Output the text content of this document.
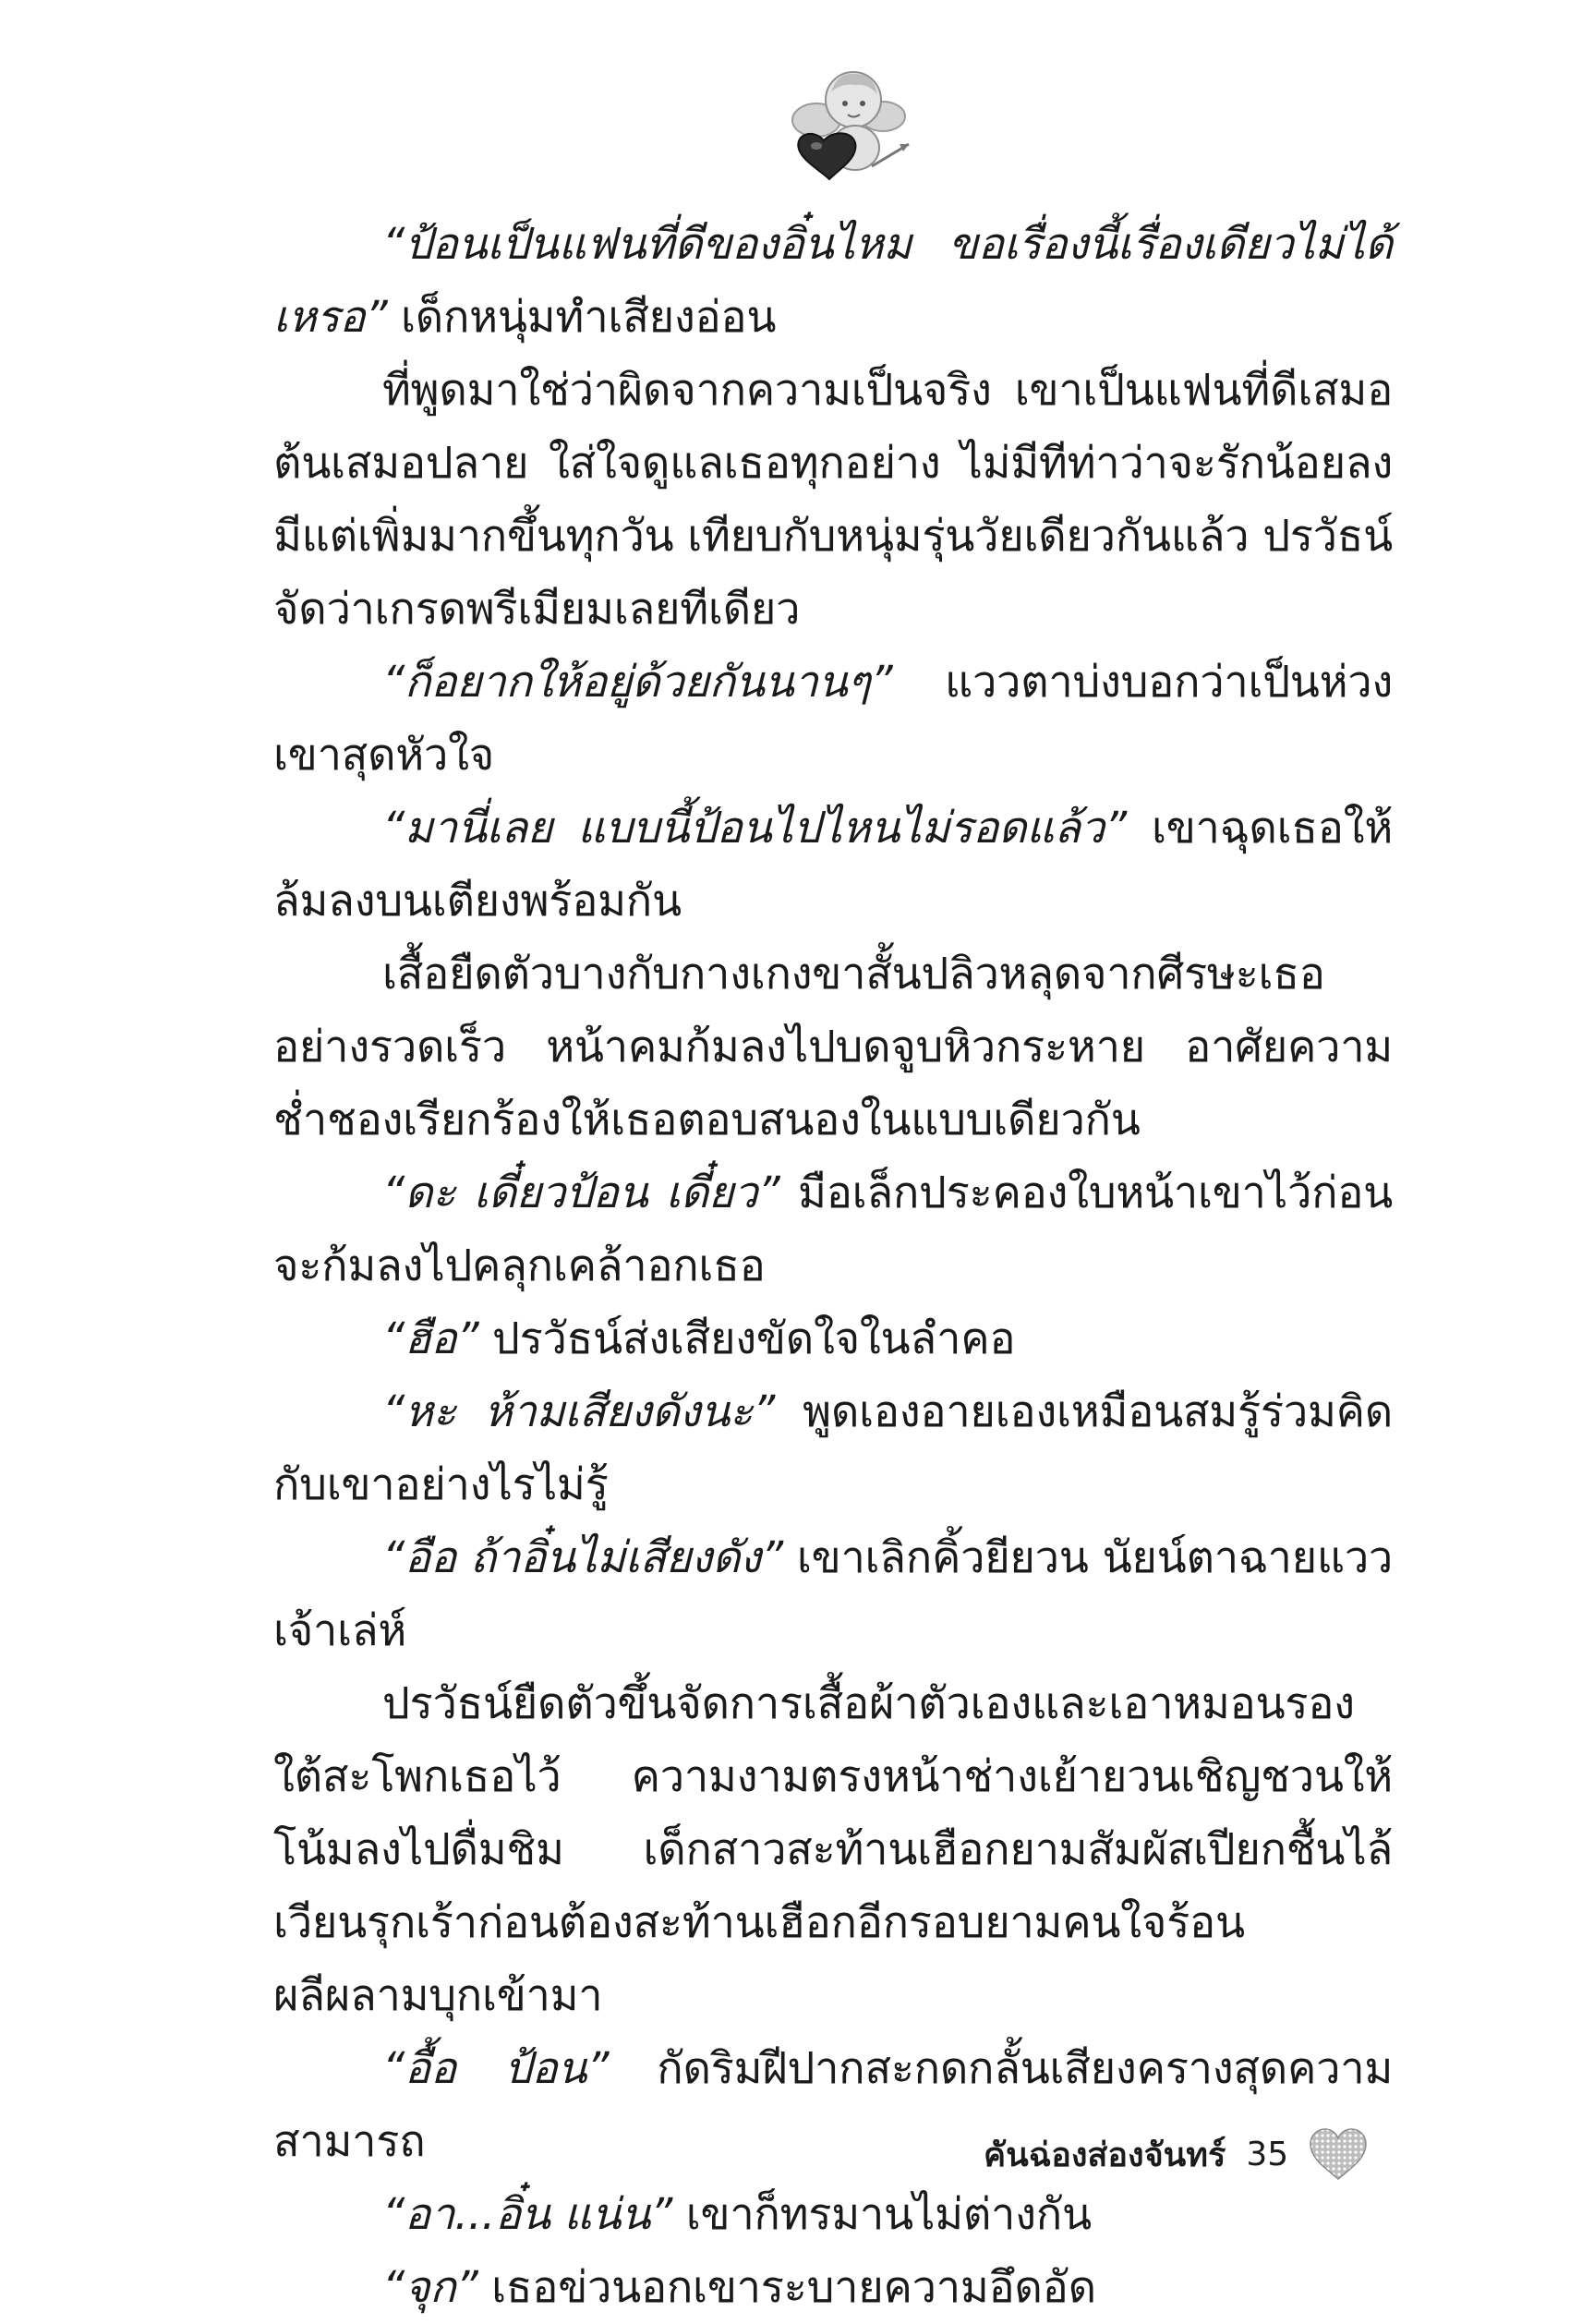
“ป้อนเป็นแฟนที่ดีของอิ๋นไหม ขอเรื่องนี้เรื่องเดียวไม่ได้เหรอ” เด็กหนุ่มทำเสียงอ่อน

ที่พูดมาใช่ว่าผิดจากความเป็นจริง เขาเป็นแฟนที่ดีเสมอต้นเสมอปลาย ใส่ใจดูแลเธอทุกอย่าง ไม่มีทีท่าว่าจะรักน้อยลง มีแต่เพิ่มมากขึ้นทุกวัน เทียบกับหนุ่มรุ่นวัยเดียวกันแล้ว ปรวัธน์จัดว่าเกรดพรีเมียมเลยทีเดียว

“ก็อยากให้อยู่ด้วยกันนานๆ” แววตาบ่งบอกว่าเป็นห่วงเขาสุดหัวใจ

“มานี่เลย แบบนี้ป้อนไปไหนไม่รอดแล้ว” เขาฉุดเธอให้ล้มลงบนเตียงพร้อมกัน

เสื้อยืดตัวบางกับกางเกงขาสั้นปลิวหลุดจากศีรษะเธออย่างรวดเร็ว หน้าคมก้มลงไปบดจูบหิวกระหาย อาศัยความช่ำชองเรียกร้องให้เธอตอบสนองในแบบเดียวกัน

“ดะ เดี๋ยวป้อน เดี๋ยว” มือเล็กประคองใบหน้าเขาไว้ก่อนจะก้มลงไปคลุกเคล้าอกเธอ

“ฮือ” ปรวัธน์ส่งเสียงขัดใจในลำคอ

“หะ ห้ามเสียงดังนะ” พูดเองอายเองเหมือนสมรู้ร่วมคิดกับเขาอย่างไรไม่รู้

“อือ ถ้าอิ๋นไม่เสียงดัง” เขาเลิกคิ้วยียวน นัยน์ตาฉายแววเจ้าเล่ห์

ปรวัธน์ยืดตัวขึ้นจัดการเสื้อผ้าตัวเองและเอาหมอนรองใต้สะโพกเธอไว้ ความงามตรงหน้าช่างเย้ายวนเชิญชวนให้โน้มลงไปดื่มชิม เด็กสาวสะท้านเฮือกยามสัมผัสเปียกชื้นไล้เวียนรุกเร้าก่อนต้องสะท้านเฮือกอีกรอบยามคนใจร้อนผลีผลามบุกเข้ามา

“อื้อ ป้อน” กัดริมฝีปากสะกดกลั้นเสียงครางสุดความสามารถ

“อา...อิ๋น แน่น” เขาก็ทรมานไม่ต่างกัน

“จุก” เธอข่วนอกเขาระบายความอึดอัด

คันฉ่องส่องจันทร์ 35
